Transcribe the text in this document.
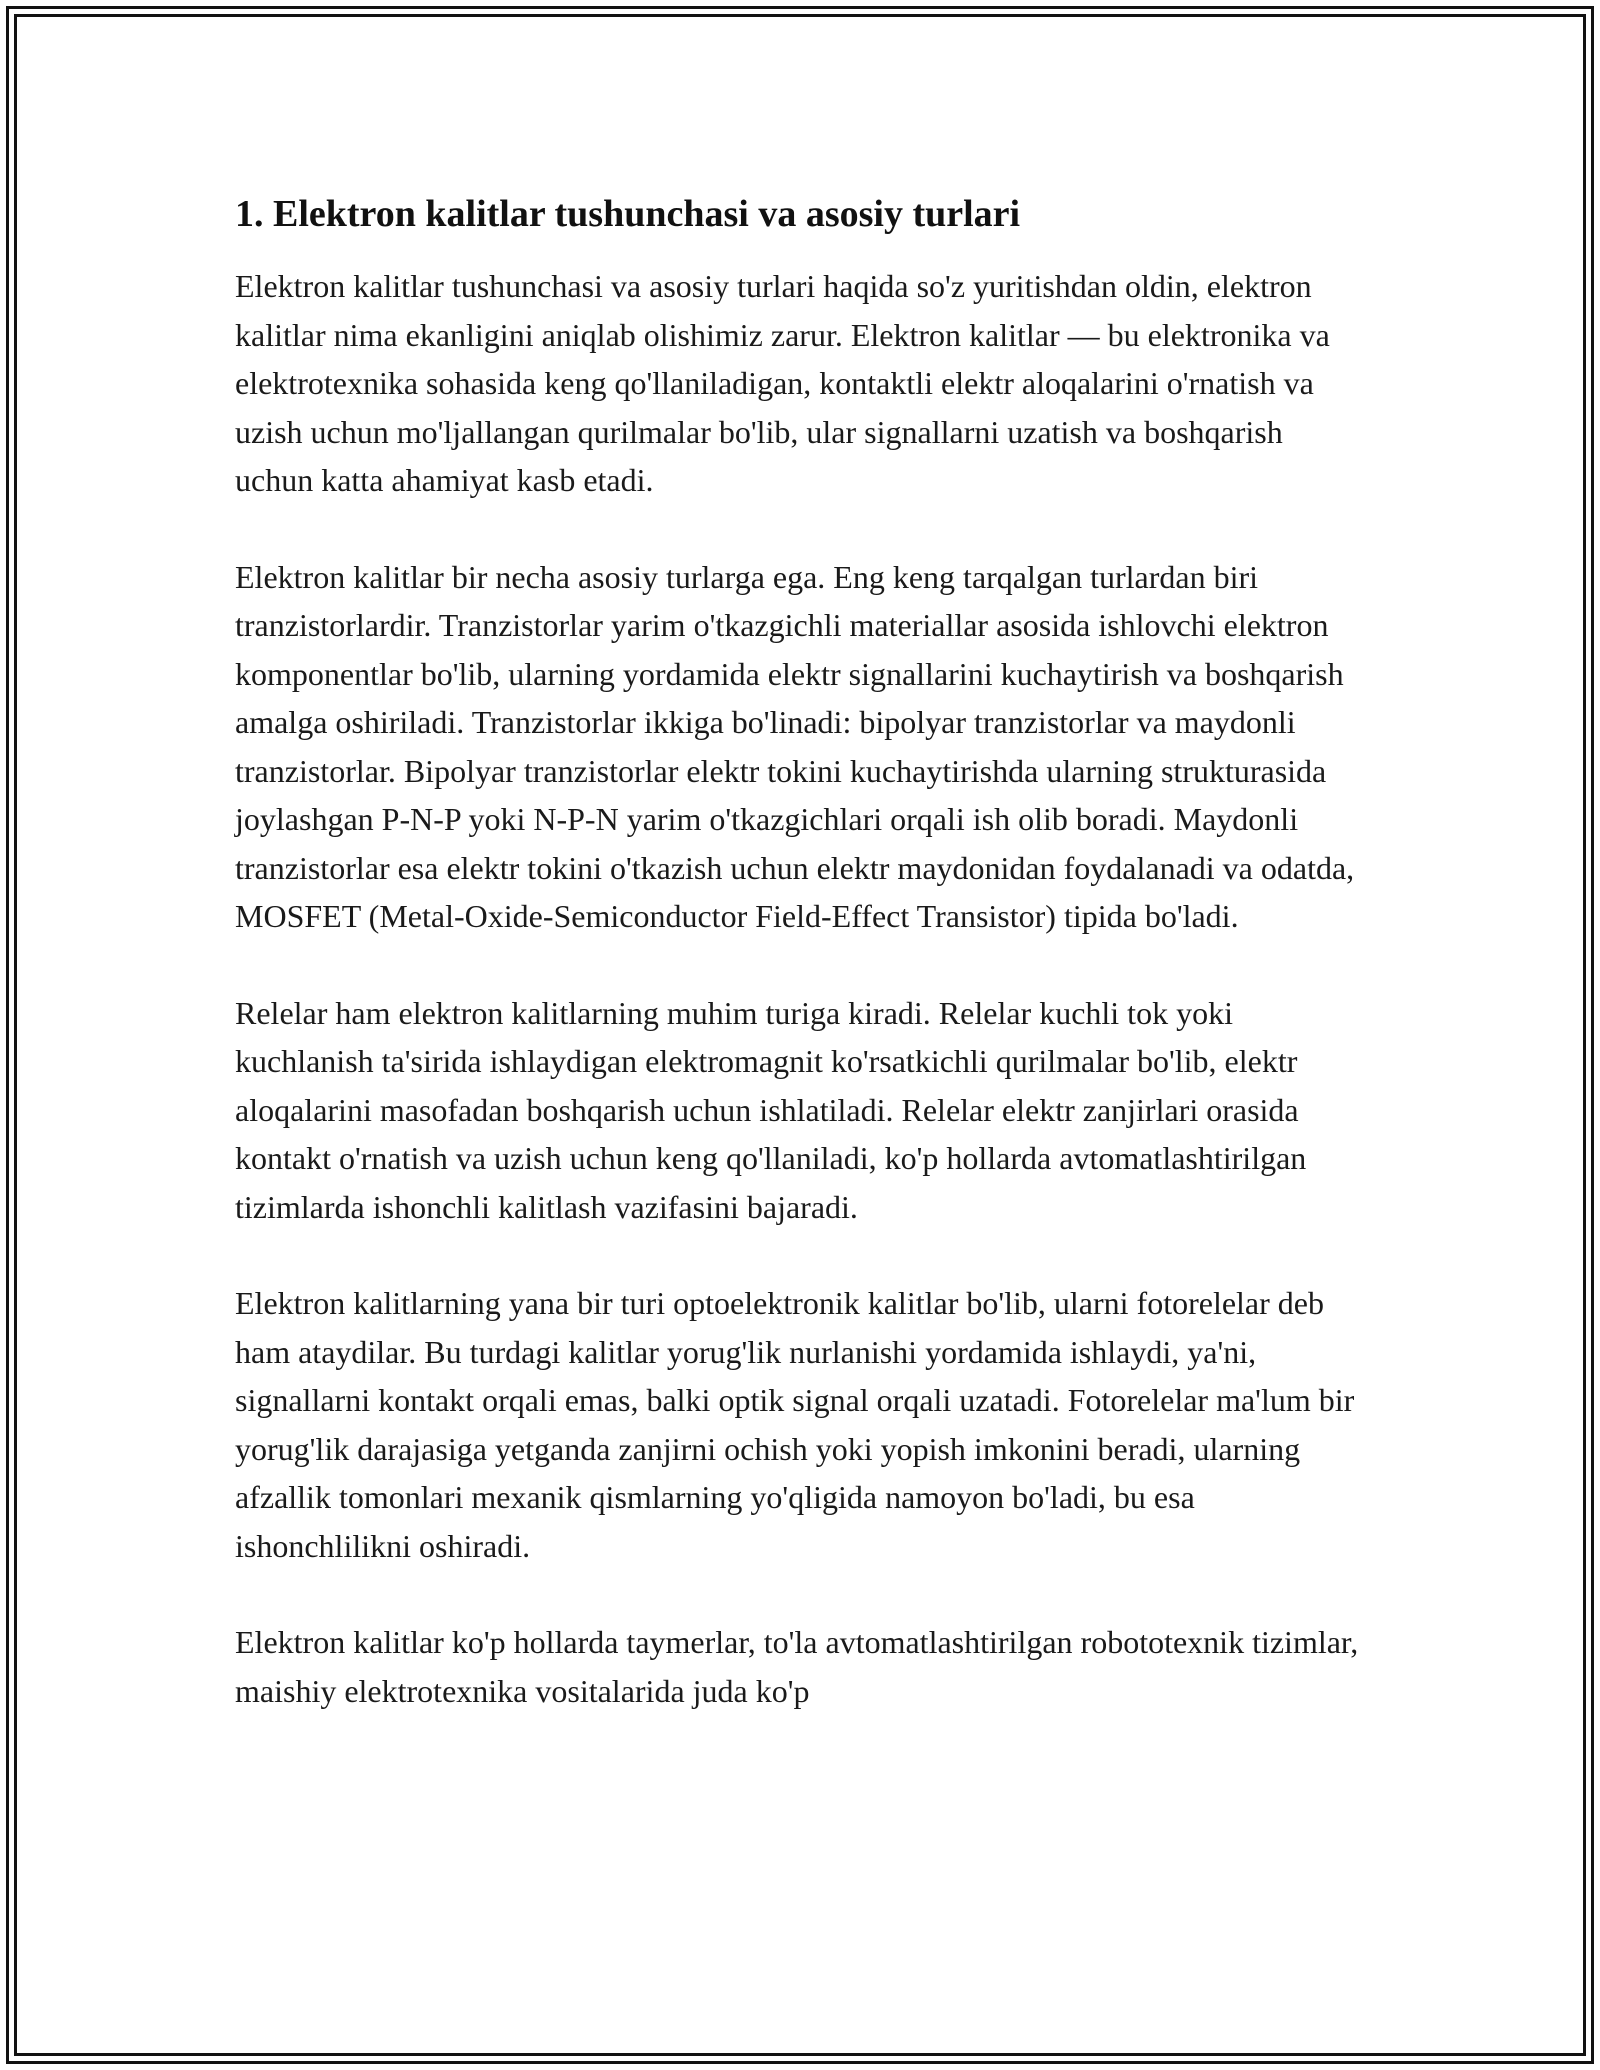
1. Elektron kalitlar tushunchasi va asosiy turlari

Elektron kalitlar tushunchasi va asosiy turlari haqida so'z yuritishdan oldin, elektron kalitlar nima ekanligini aniqlab olishimiz zarur. Elektron kalitlar — bu elektronika va elektrotexnika sohasida keng qo'llaniladigan, kontaktli elektr aloqalarini o'rnatish va uzish uchun mo'ljallangan qurilmalar bo'lib, ular signallarni uzatish va boshqarish uchun katta ahamiyat kasb etadi.

Elektron kalitlar bir necha asosiy turlarga ega. Eng keng tarqalgan turlardan biri tranzistorlardir. Tranzistorlar yarim o'tkazgichli materiallar asosida ishlovchi elektron komponentlar bo'lib, ularning yordamida elektr signallarini kuchaytirish va boshqarish amalga oshiriladi. Tranzistorlar ikkiga bo'linadi: bipolyar tranzistorlar va maydonli tranzistorlar. Bipolyar tranzistorlar elektr tokini kuchaytirishda ularning strukturasida joylashgan P-N-P yoki N-P-N yarim o'tkazgichlari orqali ish olib boradi. Maydonli tranzistorlar esa elektr tokini o'tkazish uchun elektr maydonidan foydalanadi va odatda, MOSFET (Metal-Oxide-Semiconductor Field-Effect Transistor) tipida bo'ladi.

Relelar ham elektron kalitlarning muhim turiga kiradi. Relelar kuchli tok yoki kuchlanish ta'sirida ishlaydigan elektromagnit ko'rsatkichli qurilmalar bo'lib, elektr aloqalarini masofadan boshqarish uchun ishlatiladi. Relelar elektr zanjirlari orasida kontakt o'rnatish va uzish uchun keng qo'llaniladi, ko'p hollarda avtomatlashtirilgan tizimlarda ishonchli kalitlash vazifasini bajaradi.

Elektron kalitlarning yana bir turi optoelektronik kalitlar bo'lib, ularni fotorelelar deb ham ataydilar. Bu turdagi kalitlar yorug'lik nurlanishi yordamida ishlaydi, ya'ni, signallarni kontakt orqali emas, balki optik signal orqali uzatadi. Fotorelelar ma'lum bir yorug'lik darajasiga yetganda zanjirni ochish yoki yopish imkonini beradi, ularning afzallik tomonlari mexanik qismlarning yo'qligida namoyon bo'ladi, bu esa ishonchlilikni oshiradi.

Elektron kalitlar ko'p hollarda taymerlar, to'la avtomatlashtirilgan robototexnik tizimlar, maishiy elektrotexnika vositalarida juda ko'p
